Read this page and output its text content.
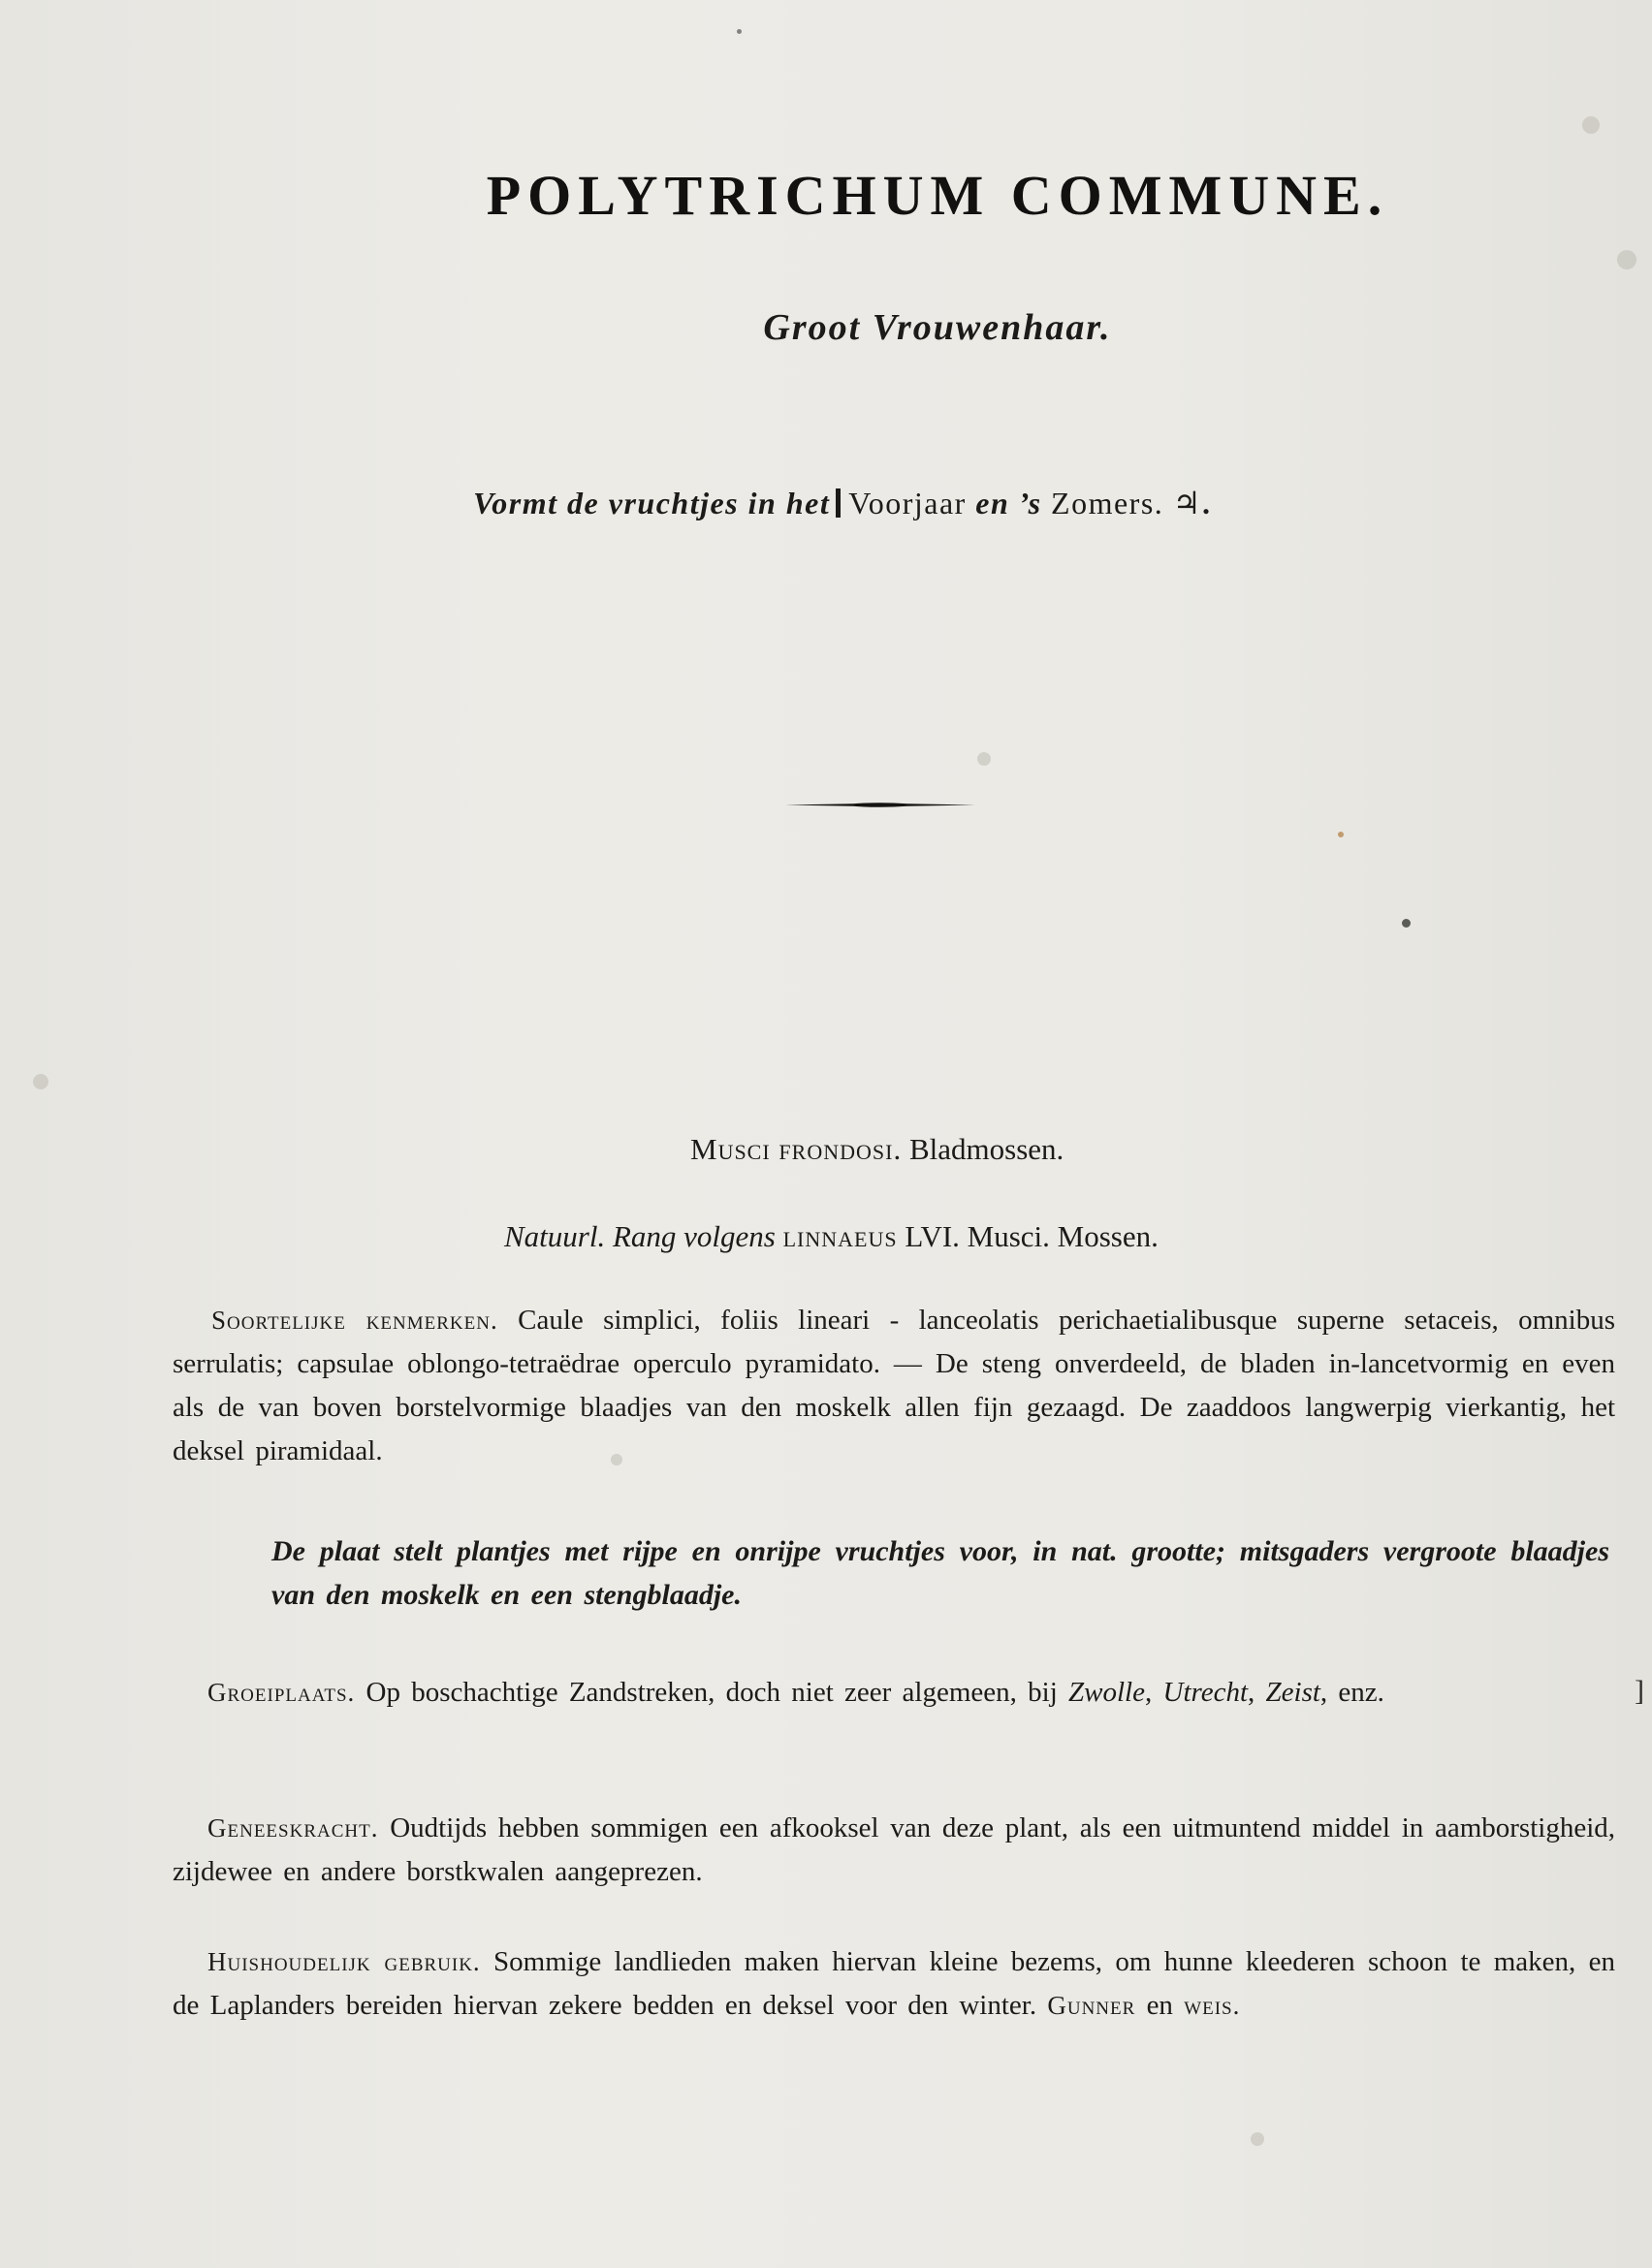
POLYTRICHUM COMMUNE.
Groot Vrouwenhaar.
Vormt de vruchtjes in het Voorjaar en ’s Zomers. ♃.
Musci frondosi. Bladmossen.
Natuurl. Rang volgens linnaeus LVI. Musci. Mossen.
Soortelijke kenmerken. Caule simplici, foliis lineari - lanceolatis perichaetialibusque superne setaceis, omnibus serrulatis; capsulae oblongo-tetraëdrae operculo pyramidato. — De steng onverdeeld, de bladen in-lancetvormig en even als de van boven borstelvormige blaadjes van den moskelk allen fijn gezaagd. De zaaddoos langwerpig vierkantig, het deksel piramidaal.
De plaat stelt plantjes met rijpe en onrijpe vruchtjes voor, in nat. grootte; mitsgaders vergroote blaadjes van den moskelk en een stengblaadje.
Groeiplaats. Op boschachtige Zandstreken, doch niet zeer algemeen, bij Zwolle, Utrecht, Zeist, enz.	]
Geneeskracht. Oudtijds hebben sommigen een afkooksel van deze plant, als een uitmuntend middel in aamborstigheid, zijdewee en andere borstkwalen aangeprezen.
Huishoudelijk gebruik. Sommige landlieden maken hiervan kleine bezems, om hunne kleederen schoon te maken, en de Laplanders bereiden hiervan zekere bedden en deksel voor den winter. Gunner en weis.
